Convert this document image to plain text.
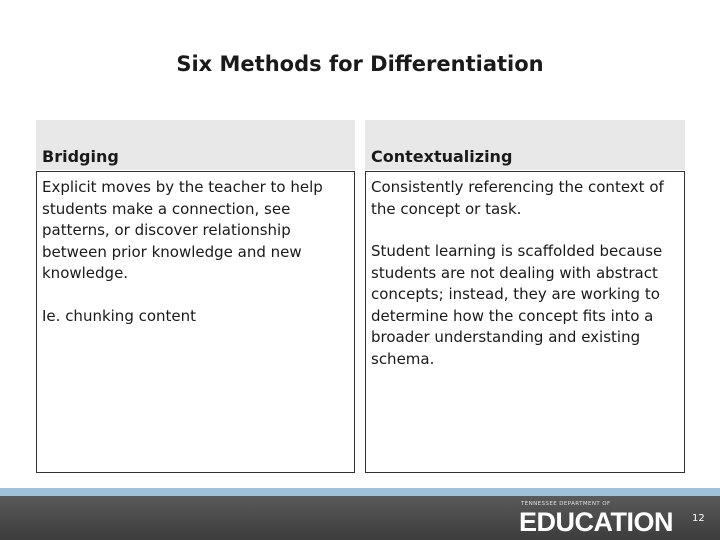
Six Methods for Differentiation
Bridging

Explicit moves by the teacher to help students make a connection, see patterns, or discover relationship between prior knowledge and new knowledge.

Ie. chunking content

Contextualizing

Consistently referencing the context of the concept or task.

Student learning is scaffolded because students are not dealing with abstract concepts; instead, they are working to determine how the concept fits into a broader understanding and existing schema.

TENNESSEE DEPARTMENT OF
EDUCATION 12
